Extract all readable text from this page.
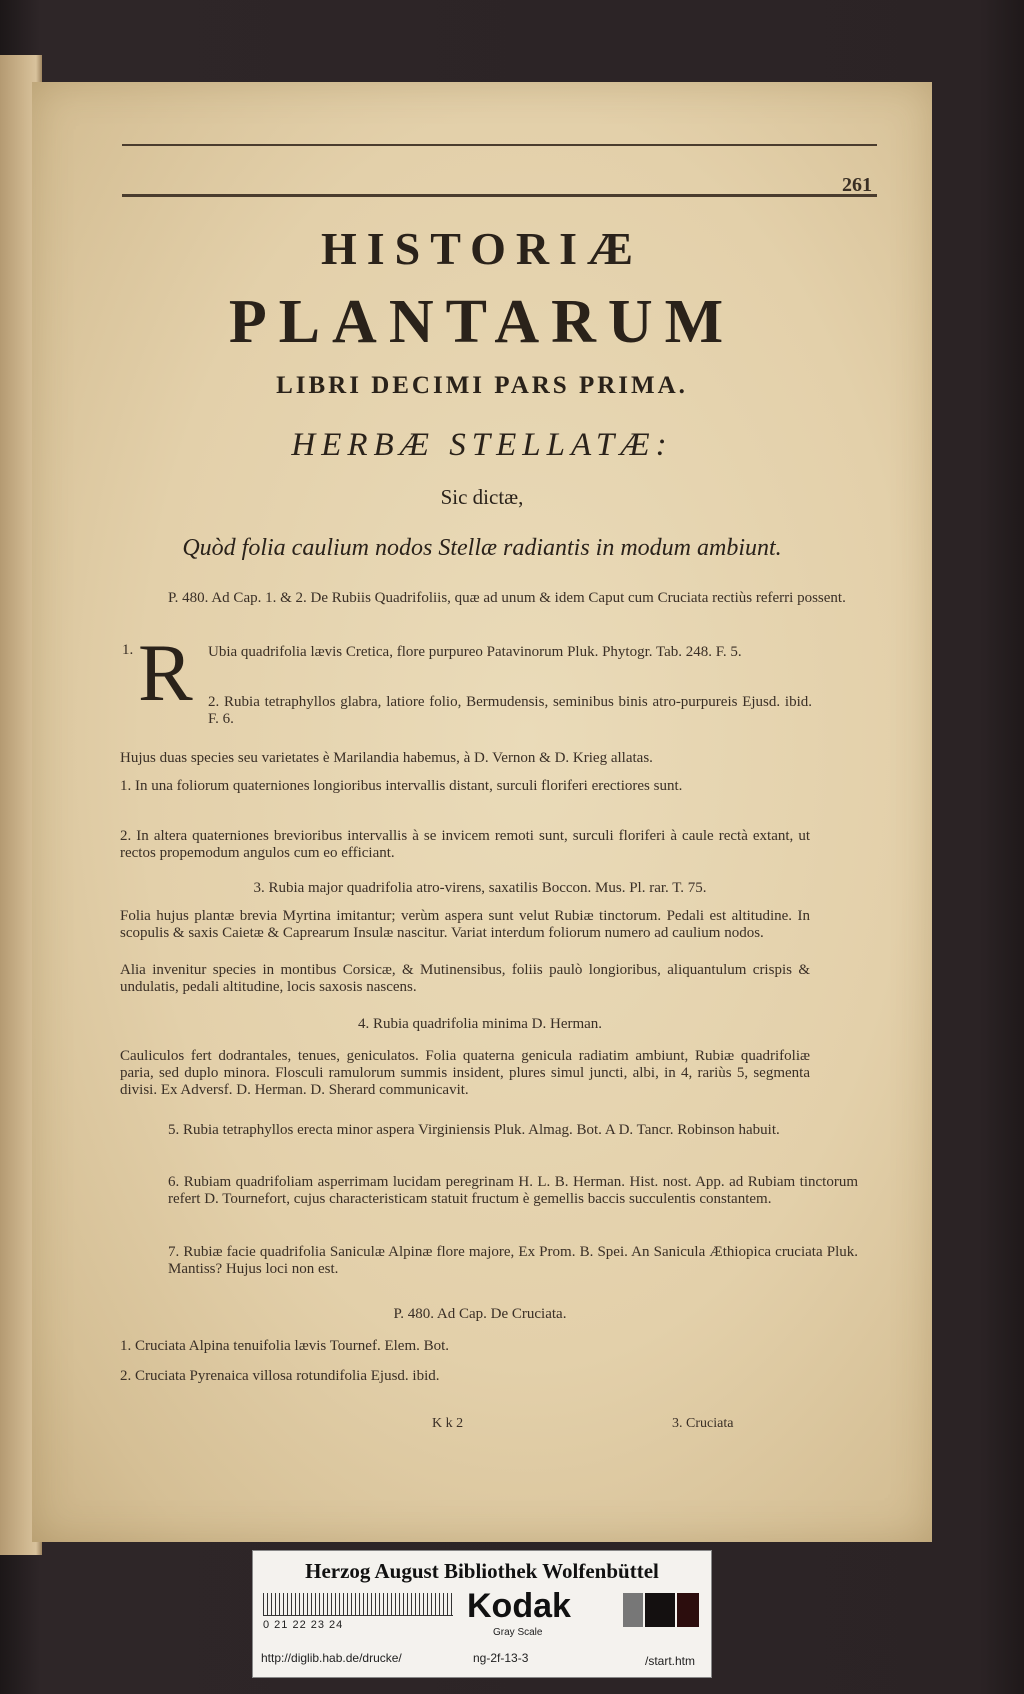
261
HISTORIÆ
PLANTARUM
LIBRI DECIMI PARS PRIMA.
HERBÆ STELLATÆ:
Sic dictæ,
Quòd folia caulium nodos Stellæ radiantis in modum ambiunt.
P. 480. Ad Cap. 1. & 2. De Rubiis Quadrifoliis, quæ ad unum & idem Caput cum Cruciata rectiùs referri possent.
1. R Ubia quadrifolia lævis Cretica, flore purpureo Patavinorum Pluk. Phytogr. Tab. 248. F. 5.
2. Rubia tetraphyllos glabra, latiore folio, Bermudensis, seminibus binis atro-purpureis Ejusd. ibid. F. 6.
Hujus duas species seu varietates è Marilandia habemus, à D. Vernon & D. Krieg allatas.
1. In una foliorum quaterniones longioribus intervallis distant, surculi floriferi erectiores sunt.
2. In altera quaterniones brevioribus intervallis à se invicem remoti sunt, surculi floriferi à caule rectà extant, ut rectos propemodum angulos cum eo efficiant.
3. Rubia major quadrifolia atro-virens, saxatilis Boccon. Mus. Pl. rar. T. 75.
Folia hujus plantæ brevia Myrtina imitantur; verùm aspera sunt velut Rubiæ tinctorum. Pedali est altitudine. In scopulis & saxis Caietæ & Caprearum Insulæ nascitur. Variat interdum foliorum numero ad caulium nodos.
Alia invenitur species in montibus Corsicæ, & Mutinensibus, foliis paulò longioribus, aliquantulum crispis & undulatis, pedali altitudine, locis saxosis nascens.
4. Rubia quadrifolia minima D. Herman.
Cauliculos fert dodrantales, tenues, geniculatos. Folia quaterna genicula radiatim ambiunt, Rubiæ quadrifoliæ paria, sed duplo minora. Flosculi ramulorum summis insident, plures simul juncti, albi, in 4, rariùs 5, segmenta divisi. Ex Adversf. D. Herman. D. Sherard communicavit.
5. Rubia tetraphyllos erecta minor aspera Virginiensis Pluk. Almag. Bot. A D. Tancr. Robinson habuit.
6. Rubiam quadrifoliam asperrimam lucidam peregrinam H. L. B. Herman. Hist. nost. App. ad Rubiam tinctorum refert D. Tournefort, cujus characteristicam statuit fructum è gemellis baccis succulentis constantem.
7. Rubiæ facie quadrifolia Saniculæ Alpinæ flore majore, Ex Prom. B. Spei. An Sanicula Æthiopica cruciata Pluk. Mantiss? Hujus loci non est.
P. 480. Ad Cap. De Cruciata.
1. Cruciata Alpina tenuifolia lævis Tournef. Elem. Bot.
2. Cruciata Pyrenaica villosa rotundifolia Ejusd. ibid.
K k 2	3. Cruciata
Herzog August Bibliothek Wolfenbüttel
0 21 22 23 24	Kodak
Gray Scale
http://diglib.hab.de/drucke/	ng-2f-13-3	/start.htm
